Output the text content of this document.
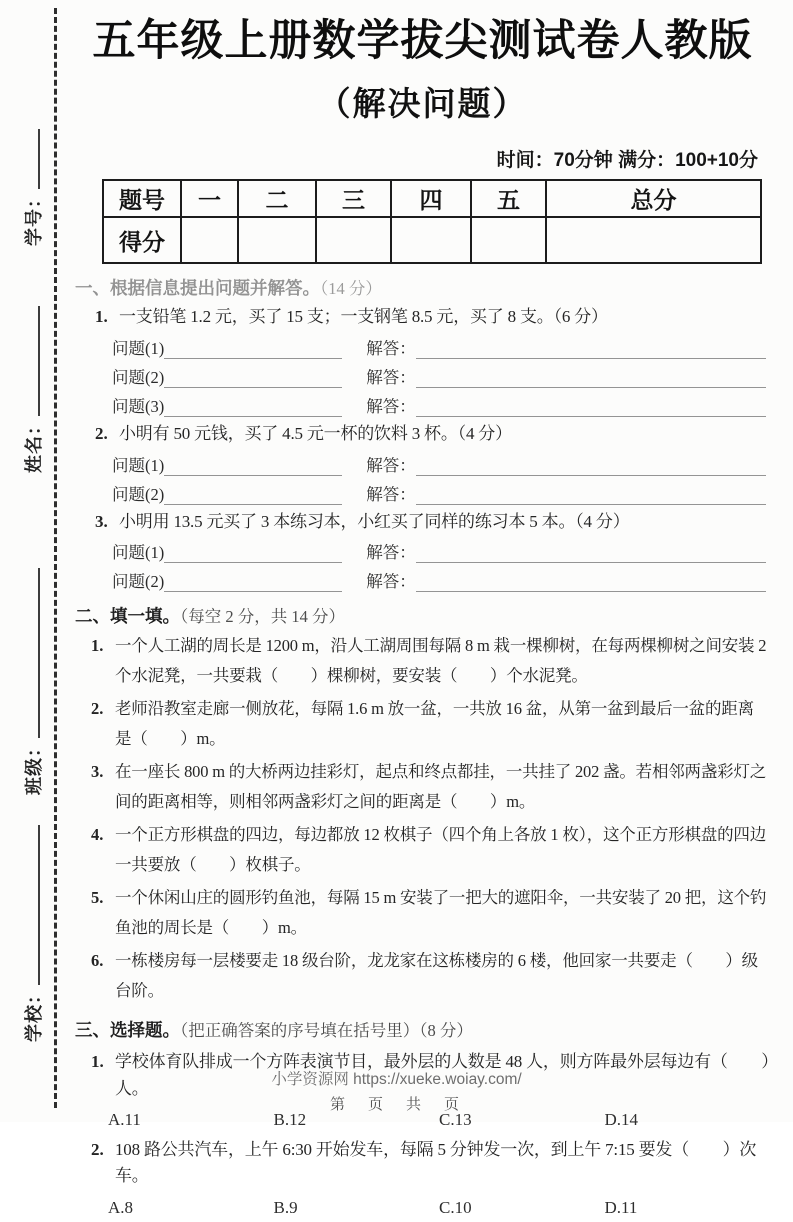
学校：班级：姓名：学号：
五年级上册数学拔尖测试卷人教版
（解决问题）
时间：70分钟 满分：100+10分
题号	一	二	三	四	五	总分
得分						
一、根据信息提出问题并解答。（14 分）
1. 一支铅笔 1.2 元，买了 15 支；一支钢笔 8.5 元，买了 8 支。（6 分）
问题(1)	解答：
问题(2)	解答：
问题(3)	解答：
2. 小明有 50 元钱，买了 4.5 元一杯的饮料 3 杯。（4 分）
问题(1)	解答：
问题(2)	解答：
3. 小明用 13.5 元买了 3 本练习本，小红买了同样的练习本 5 本。（4 分）
问题(1)	解答：
问题(2)	解答：
二、填一填。（每空 2 分，共 14 分）
1. 一个人工湖的周长是 1200 m，沿人工湖周围每隔 8 m 栽一棵柳树，在每两棵柳树之间安装 2 个水泥凳，一共要栽（　　）棵柳树，要安装（　　）个水泥凳。
2. 老师沿教室走廊一侧放花，每隔 1.6 m 放一盆，一共放 16 盆，从第一盆到最后一盆的距离是（　　）m。
3. 在一座长 800 m 的大桥两边挂彩灯，起点和终点都挂，一共挂了 202 盏。若相邻两盏彩灯之间的距离相等，则相邻两盏彩灯之间的距离是（　　）m。
4. 一个正方形棋盘的四边，每边都放 12 枚棋子（四个角上各放 1 枚），这个正方形棋盘的四边一共要放（　　）枚棋子。
5. 一个休闲山庄的圆形钓鱼池，每隔 15 m 安装了一把大的遮阳伞，一共安装了 20 把，这个钓鱼池的周长是（　　）m。
6. 一栋楼房每一层楼要走 18 级台阶，龙龙家在这栋楼房的 6 楼，他回家一共要走（　　）级台阶。
三、选择题。（把正确答案的序号填在括号里）（8 分）
1. 学校体育队排成一个方阵表演节目，最外层的人数是 48 人，则方阵最外层每边有（　　）人。
A.11	B.12	C.13	D.14
2. 108 路公共汽车，上午 6:30 开始发车，每隔 5 分钟发一次，到上午 7:15 要发（　　）次车。
A.8	B.9	C.10	D.11
小学资源网 https://xueke.woiay.com/
第　页　共　页
